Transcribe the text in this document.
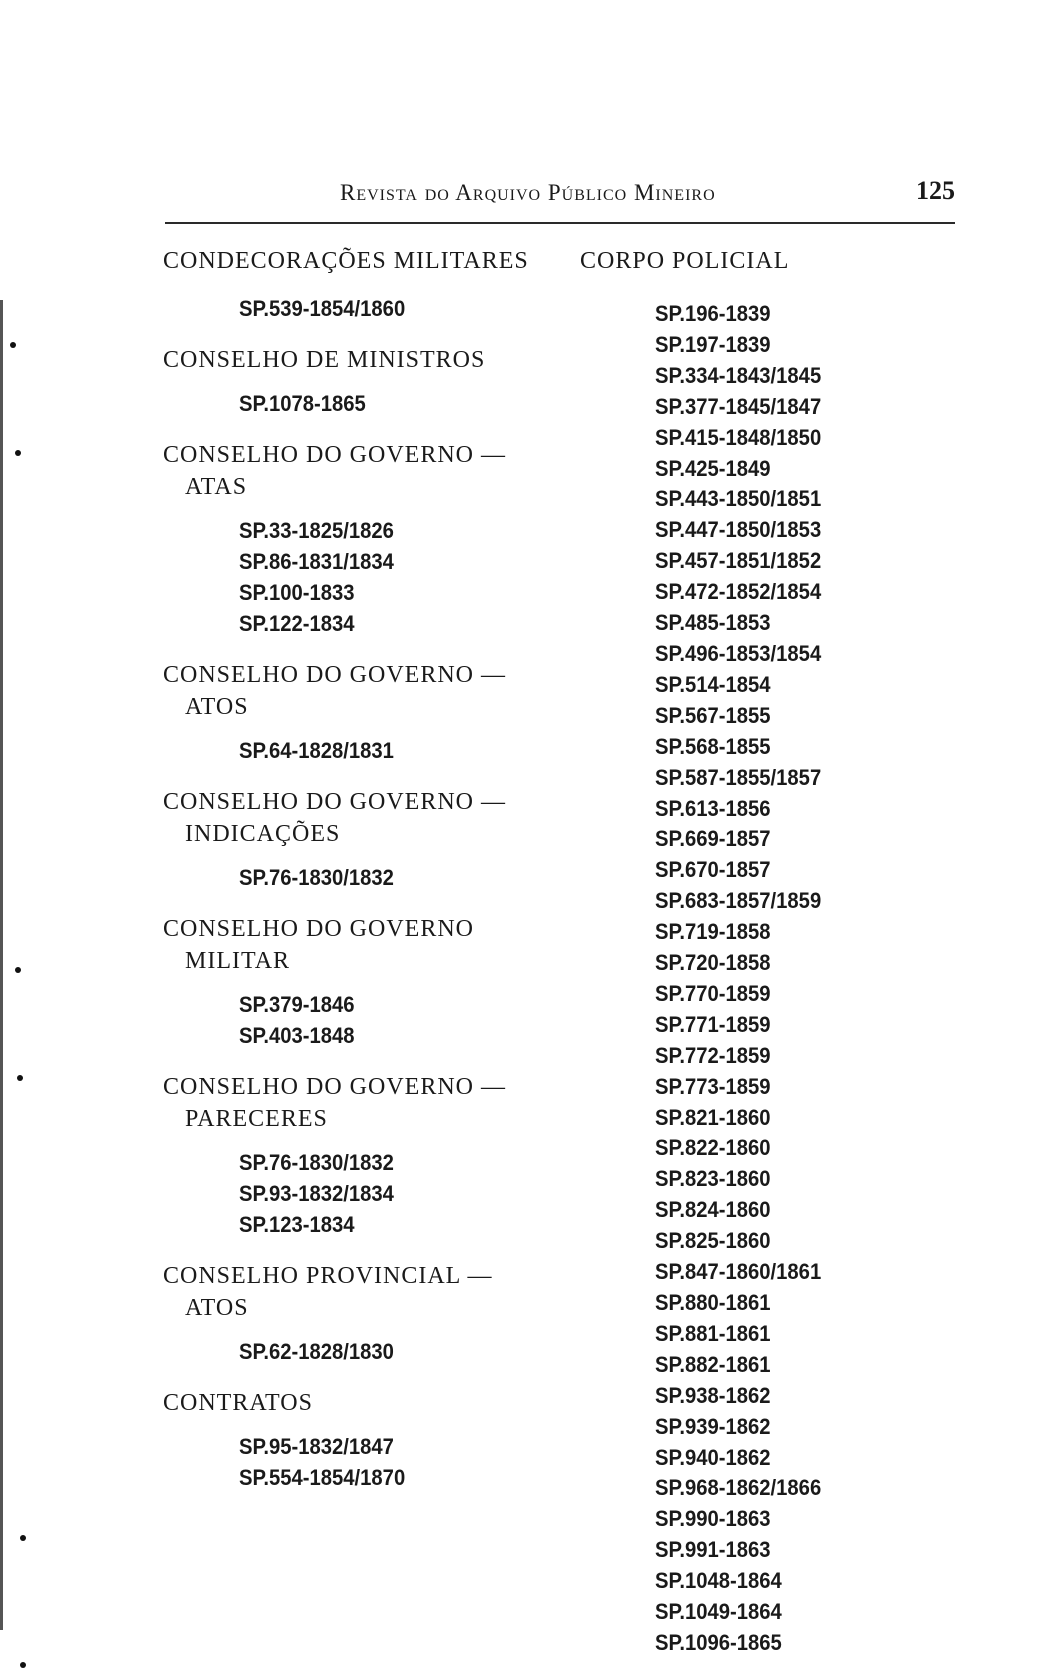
Revista do Arquivo Público Mineiro	125
CONDECORAÇÕES MILITARES
SP.539-1854/1860
CONSELHO DE MINISTROS
SP.1078-1865
CONSELHO DO GOVERNO —
ATAS
SP.33-1825/1826
SP.86-1831/1834
SP.100-1833
SP.122-1834
CONSELHO DO GOVERNO —
ATOS
SP.64-1828/1831
CONSELHO DO GOVERNO —
INDICAÇÕES
SP.76-1830/1832
CONSELHO DO GOVERNO
MILITAR
SP.379-1846
SP.403-1848
CONSELHO DO GOVERNO —
PARECERES
SP.76-1830/1832
SP.93-1832/1834
SP.123-1834
CONSELHO PROVINCIAL —
ATOS
SP.62-1828/1830
CONTRATOS
SP.95-1832/1847
SP.554-1854/1870
CORPO POLICIAL
SP.196-1839
SP.197-1839
SP.334-1843/1845
SP.377-1845/1847
SP.415-1848/1850
SP.425-1849
SP.443-1850/1851
SP.447-1850/1853
SP.457-1851/1852
SP.472-1852/1854
SP.485-1853
SP.496-1853/1854
SP.514-1854
SP.567-1855
SP.568-1855
SP.587-1855/1857
SP.613-1856
SP.669-1857
SP.670-1857
SP.683-1857/1859
SP.719-1858
SP.720-1858
SP.770-1859
SP.771-1859
SP.772-1859
SP.773-1859
SP.821-1860
SP.822-1860
SP.823-1860
SP.824-1860
SP.825-1860
SP.847-1860/1861
SP.880-1861
SP.881-1861
SP.882-1861
SP.938-1862
SP.939-1862
SP.940-1862
SP.968-1862/1866
SP.990-1863
SP.991-1863
SP.1048-1864
SP.1049-1864
SP.1096-1865
